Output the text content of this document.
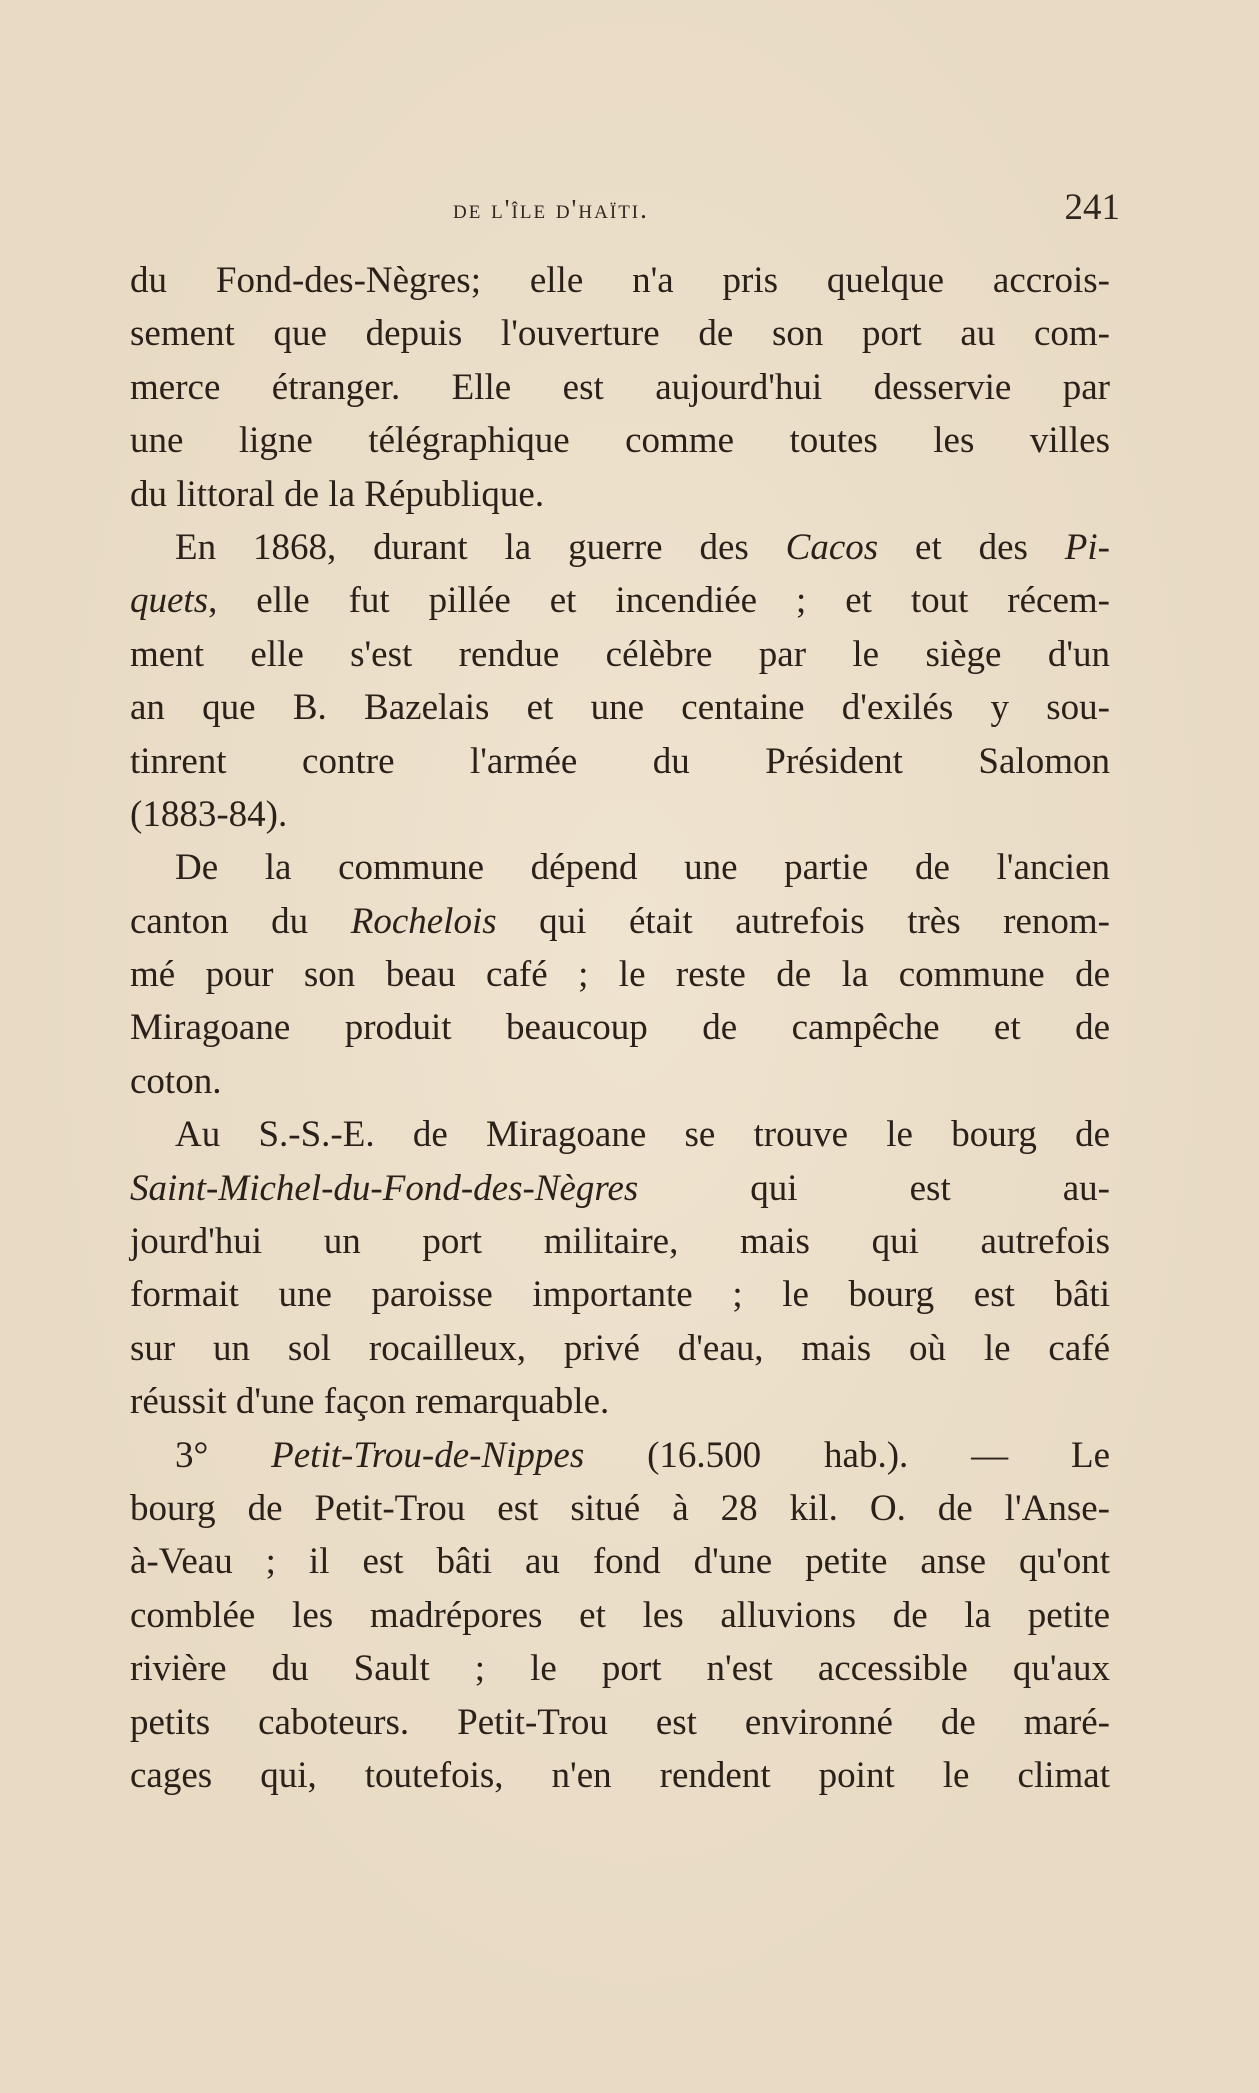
de l'île d'haïti.	241
du Fond-des-Nègres; elle n'a pris quelque accrois-
sement que depuis l'ouverture de son port au com-
merce étranger. Elle est aujourd'hui desservie par
une ligne télégraphique comme toutes les villes
du littoral de la République.
En 1868, durant la guerre des Cacos et des Pi-
quets, elle fut pillée et incendiée ; et tout récem-
ment elle s'est rendue célèbre par le siège d'un
an que B. Bazelais et une centaine d'exilés y sou-
tinrent contre l'armée du Président Salomon
(1883-84).
De la commune dépend une partie de l'ancien
canton du Rochelois qui était autrefois très renom-
mé pour son beau café ; le reste de la commune de
Miragoane produit beaucoup de campêche et de
coton.
Au S.-S.-E. de Miragoane se trouve le bourg de
Saint-Michel-du-Fond-des-Nègres qui est au-
jourd'hui un port militaire, mais qui autrefois
formait une paroisse importante ; le bourg est bâti
sur un sol rocailleux, privé d'eau, mais où le café
réussit d'une façon remarquable.
3° Petit-Trou-de-Nippes (16.500 hab.). — Le
bourg de Petit-Trou est situé à 28 kil. O. de l'Anse-
à-Veau ; il est bâti au fond d'une petite anse qu'ont
comblée les madrépores et les alluvions de la petite
rivière du Sault ; le port n'est accessible qu'aux
petits caboteurs. Petit-Trou est environné de maré-
cages qui, toutefois, n'en rendent point le climat
